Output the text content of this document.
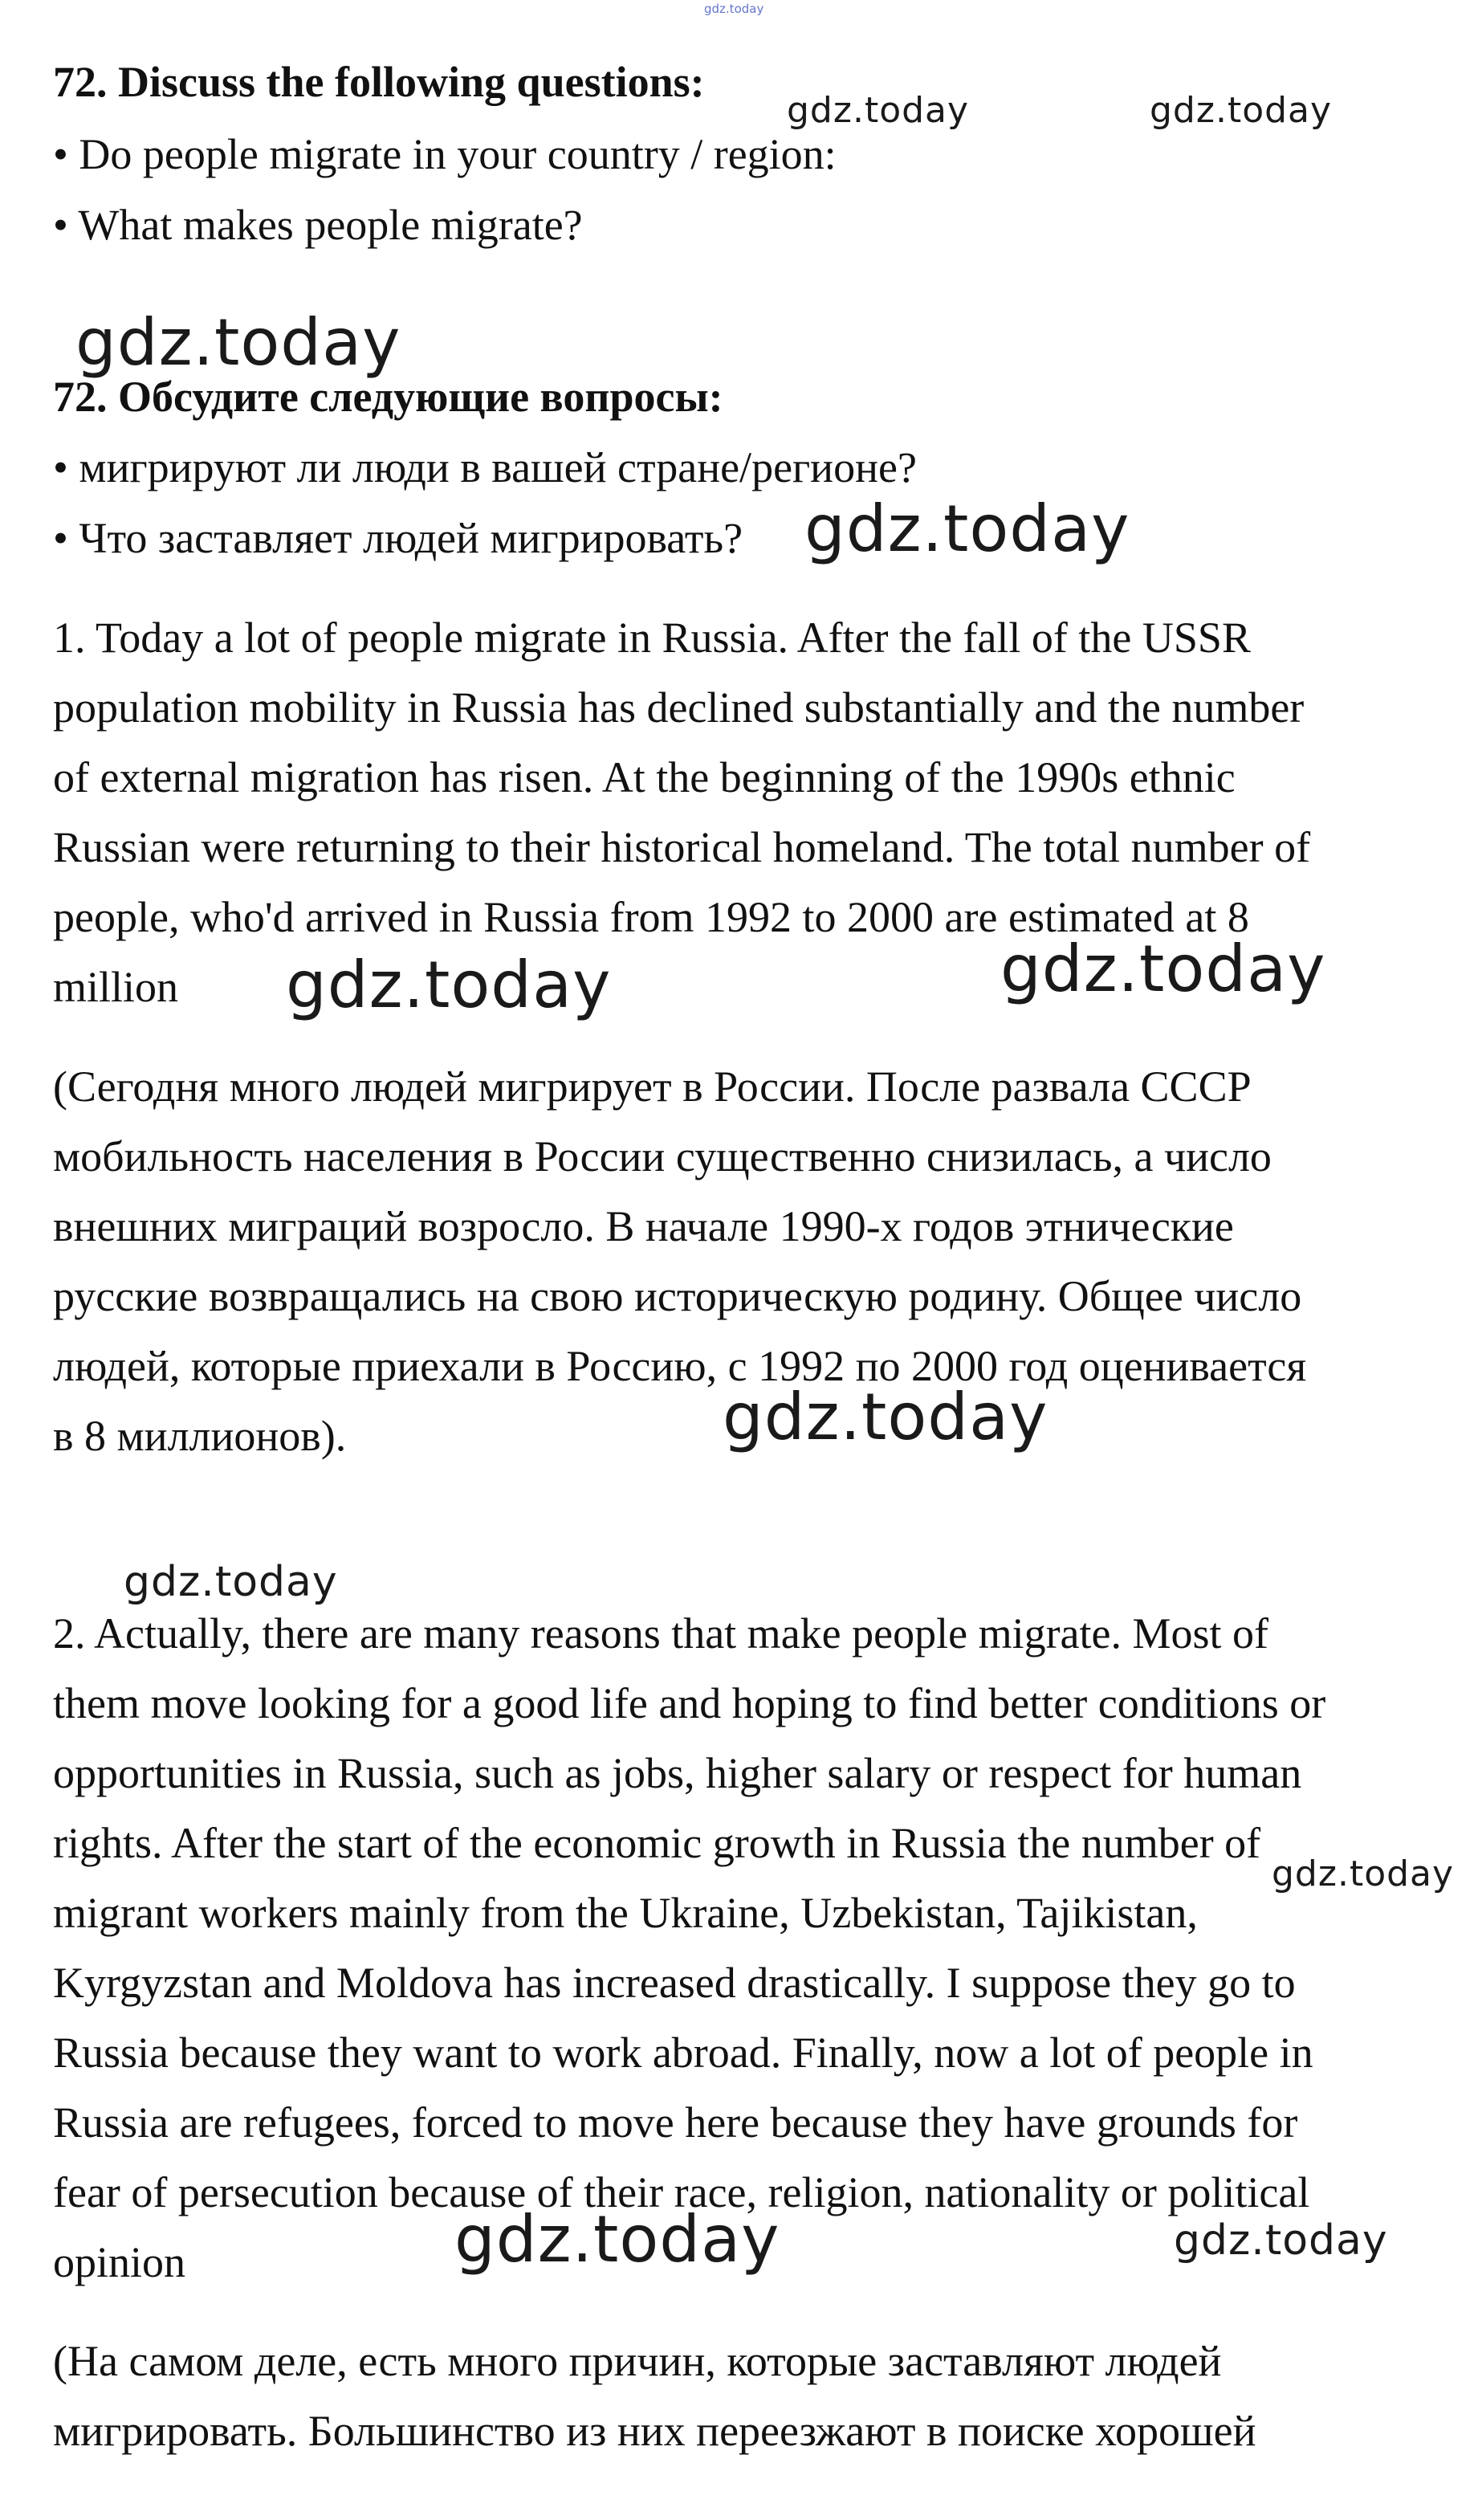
gdz.today
72. Discuss the following questions:
• Do people migrate in your country / region:
• What makes people migrate?
72. Обсудите следующие вопросы:
• мигрируют ли люди в вашей стране/регионе?
• Что заставляет людей мигрировать?
1. Today a lot of people migrate in Russia. After the fall of the USSR
population mobility in Russia has declined substantially and the number
of external migration has risen. At the beginning of the 1990s ethnic
Russian were returning to their historical homeland. The total number of
people, who'd arrived in Russia from 1992 to 2000 are estimated at 8
million
(Сегодня много людей мигрирует в России. После развала СССР
мобильность населения в России существенно снизилась, а число
внешних миграций возросло. В начале 1990-х годов этнические
русские возвращались на свою историческую родину. Общее число
людей, которые приехали в Россию, с 1992 по 2000 год оценивается
в 8 миллионов).
2. Actually, there are many reasons that make people migrate. Most of
them move looking for a good life and hoping to find better conditions or
opportunities in Russia, such as jobs, higher salary or respect for human
rights. After the start of the economic growth in Russia the number of
migrant workers mainly from the Ukraine, Uzbekistan, Tajikistan,
Kyrgyzstan and Moldova has increased drastically. I suppose they go to
Russia because they want to work abroad. Finally, now a lot of people in
Russia are refugees, forced to move here because they have grounds for
fear of persecution because of their race, religion, nationality or political
opinion
(На самом деле, есть много причин, которые заставляют людей
мигрировать. Большинство из них переезжают в поиске хорошей
gdz.today	gdz.today
gdz.today
gdz.today
gdz.today	gdz.today
gdz.today
gdz.today
gdz.today
gdz.today	gdz.today
